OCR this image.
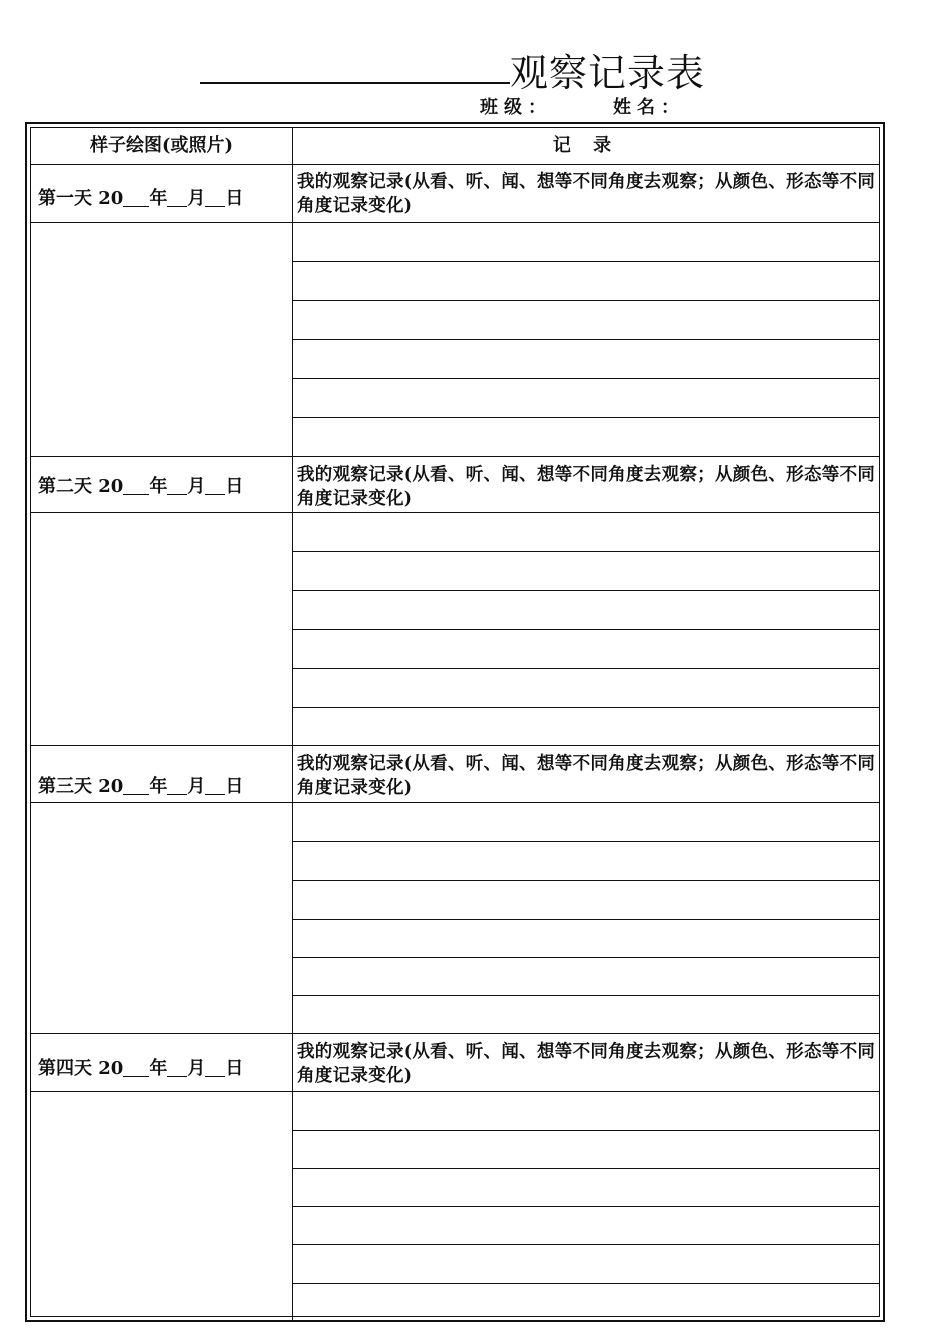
观察记录表
班级：	姓名：
样子绘图(或照片)	记 录
第一天 20 年 月 日
我的观察记录(从看、听、闻、想等不同角度去观察；从颜色、形态等不同角度记录变化)
第二天 20 年 月 日
我的观察记录(从看、听、闻、想等不同角度去观察；从颜色、形态等不同角度记录变化)
第三天 20 年 月 日
我的观察记录(从看、听、闻、想等不同角度去观察；从颜色、形态等不同角度记录变化)
第四天 20 年 月 日
我的观察记录(从看、听、闻、想等不同角度去观察；从颜色、形态等不同角度记录变化)
